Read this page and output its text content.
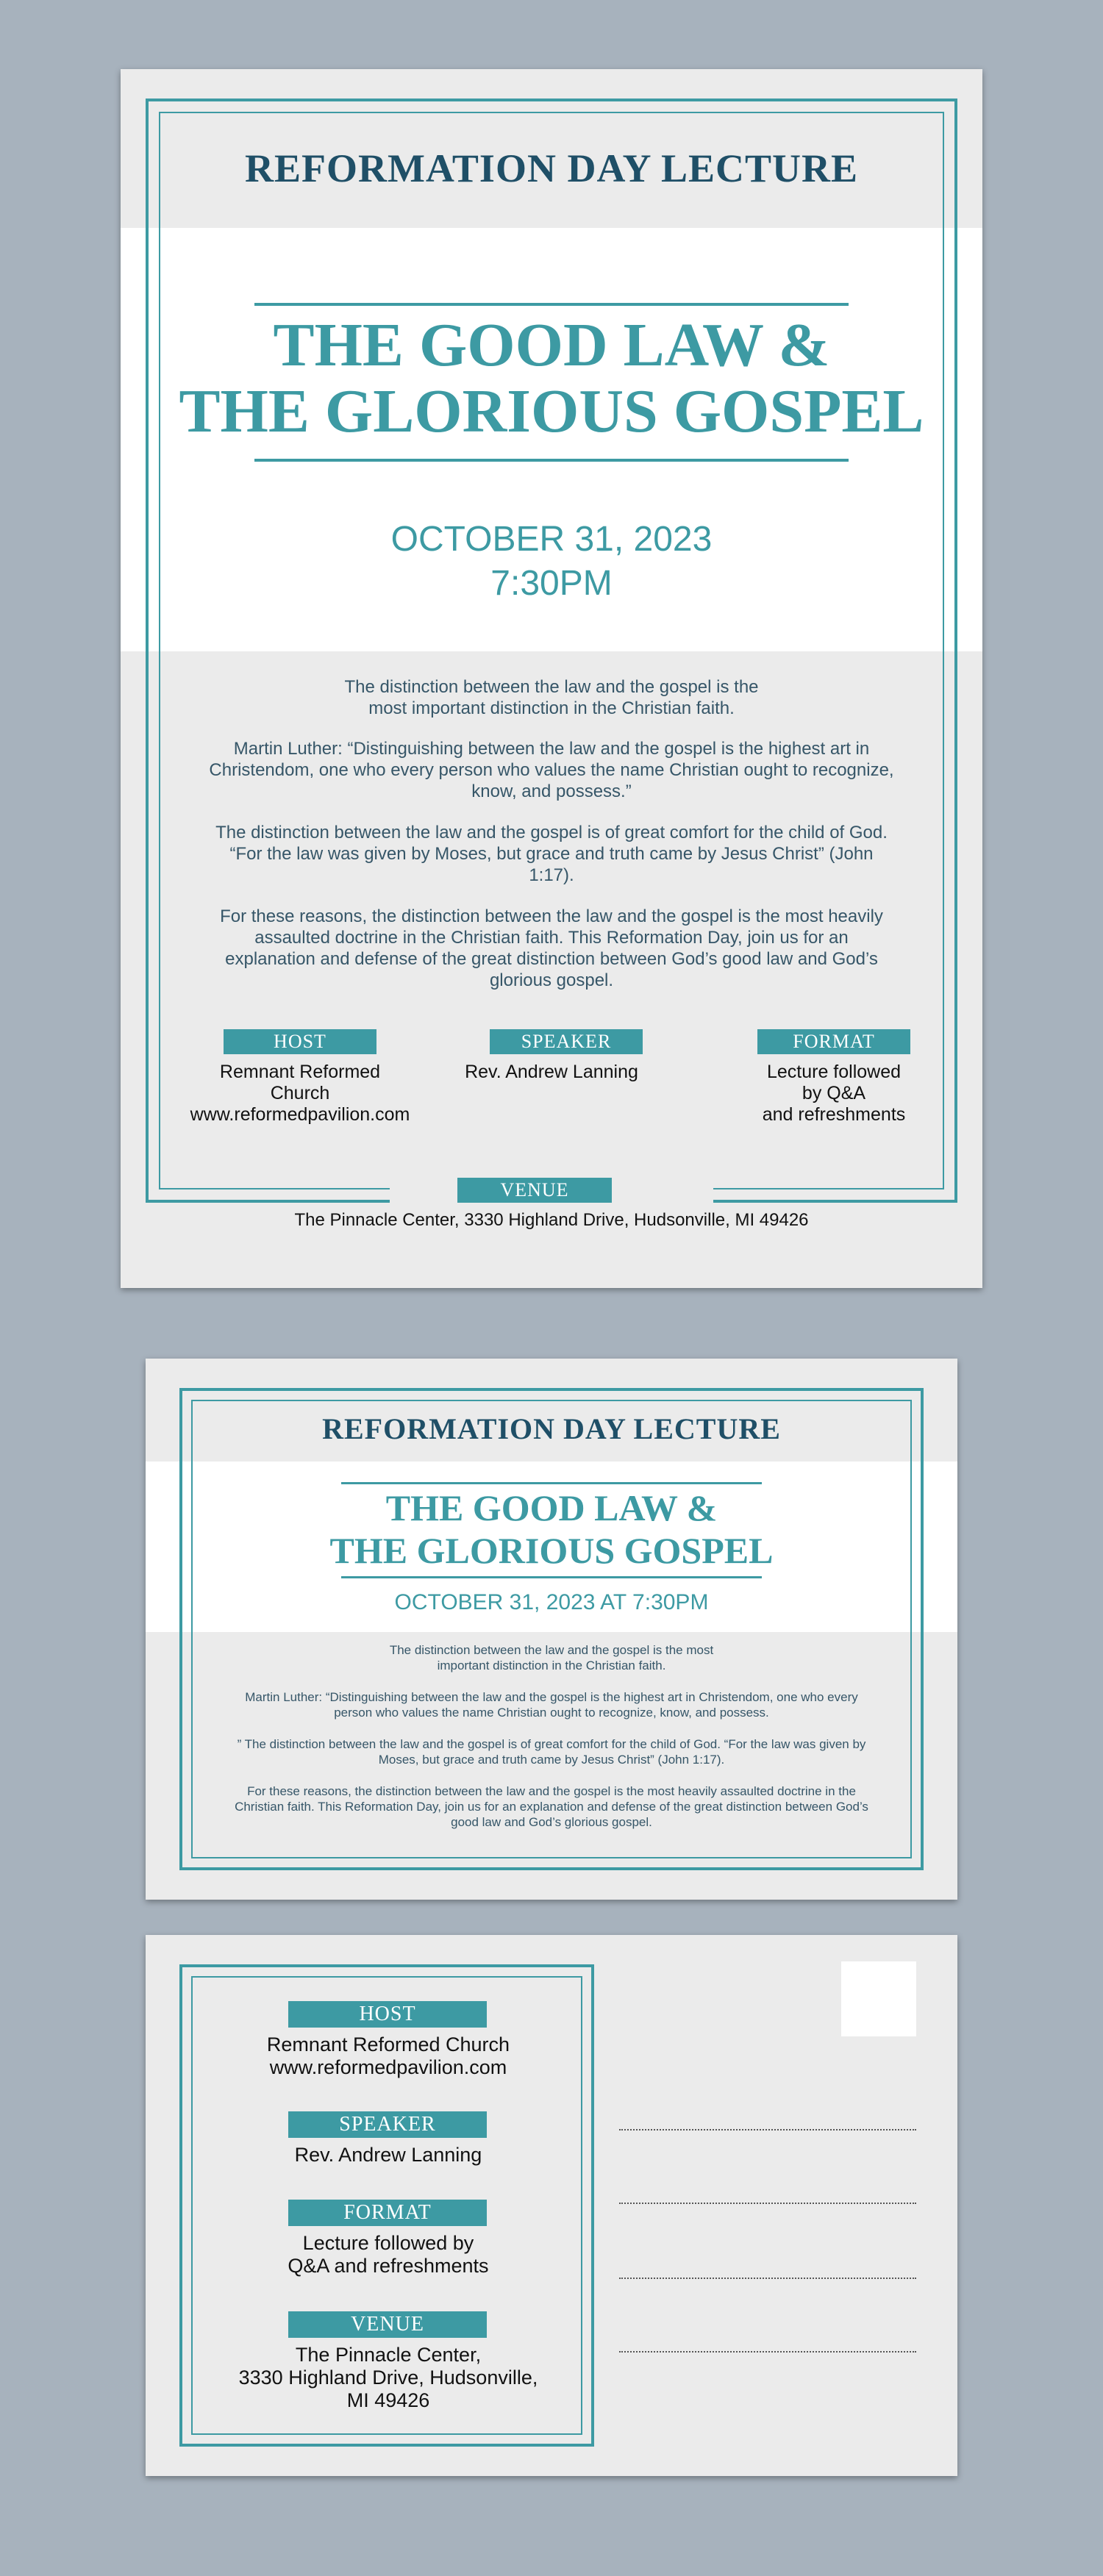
REFORMATION DAY LECTURE
THE GOOD LAW &
THE GLORIOUS GOSPEL
OCTOBER 31, 2023
7:30PM
The distinction between the law and the gospel is the most important distinction in the Christian faith.
Martin Luther: “Distinguishing between the law and the gospel is the highest art in Christendom, one who every person who values the name Christian ought to recognize, know, and possess.”
The distinction between the law and the gospel is of great comfort for the child of God. “For the law was given by Moses, but grace and truth came by Jesus Christ” (John 1:17).
For these reasons, the distinction between the law and the gospel is the most heavily assaulted doctrine in the Christian faith. This Reformation Day, join us for an explanation and defense of the great distinction between God’s good law and God’s glorious gospel.
HOST
Remnant Reformed
Church
www.reformedpavilion.com
SPEAKER
Rev. Andrew Lanning
FORMAT
Lecture followed
by Q&A
and refreshments
VENUE
The Pinnacle Center, 3330 Highland Drive, Hudsonville, MI 49426
REFORMATION DAY LECTURE
THE GOOD LAW &
THE GLORIOUS GOSPEL
OCTOBER 31, 2023 AT 7:30PM
The distinction between the law and the gospel is the most important distinction in the Christian faith.
Martin Luther: “Distinguishing between the law and the gospel is the highest art in Christendom, one who every person who values the name Christian ought to recognize, know, and possess.
” The distinction between the law and the gospel is of great comfort for the child of God. “For the law was given by Moses, but grace and truth came by Jesus Christ” (John 1:17).
For these reasons, the distinction between the law and the gospel is the most heavily assaulted doctrine in the Christian faith. This Reformation Day, join us for an explanation and defense of the great distinction between God’s good law and God’s glorious gospel.
HOST
Remnant Reformed Church
www.reformedpavilion.com
SPEAKER
Rev. Andrew Lanning
FORMAT
Lecture followed by
Q&A and refreshments
VENUE
The Pinnacle Center,
3330 Highland Drive, Hudsonville,
MI 49426
